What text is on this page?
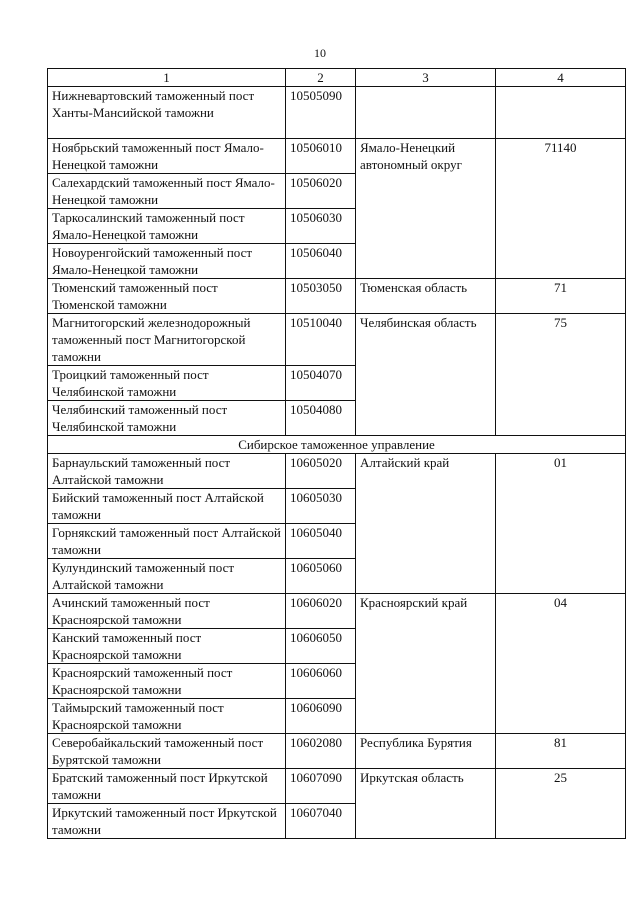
10
1	2	3	4
Нижневартовский таможенный пост Ханты-Мансийской таможни	10505090		
Ноябрьский таможенный пост Ямало-Ненецкой таможни	10506010	Ямало-Ненецкий автономный округ	71140
Салехардский таможенный пост Ямало-Ненецкой таможни	10506020		
Таркосалинский таможенный пост Ямало-Ненецкой таможни	10506030		
Новоуренгойский таможенный пост Ямало-Ненецкой таможни	10506040		
Тюменский таможенный пост Тюменской таможни	10503050	Тюменская область	71
Магнитогорский железнодорожный таможенный пост Магнитогорской таможни	10510040	Челябинская область	75
Троицкий таможенный пост Челябинской таможни	10504070		
Челябинский таможенный пост Челябинской таможни	10504080		
Сибирское таможенное управление			
Барнаульский таможенный пост Алтайской таможни	10605020	Алтайский край	01
Бийский таможенный пост Алтайской таможни	10605030		
Горнякский таможенный пост Алтайской таможни	10605040		
Кулундинский таможенный пост Алтайской таможни	10605060		
Ачинский таможенный пост Красноярской таможни	10606020	Красноярский край	04
Канский таможенный пост Красноярской таможни	10606050		
Красноярский таможенный пост Красноярской таможни	10606060		
Таймырский таможенный пост Красноярской таможни	10606090		
Северобайкальский таможенный пост Бурятской таможни	10602080	Республика Бурятия	81
Братский таможенный пост Иркутской таможни	10607090	Иркутская область	25
Иркутский таможенный пост Иркутской таможни	10607040		
